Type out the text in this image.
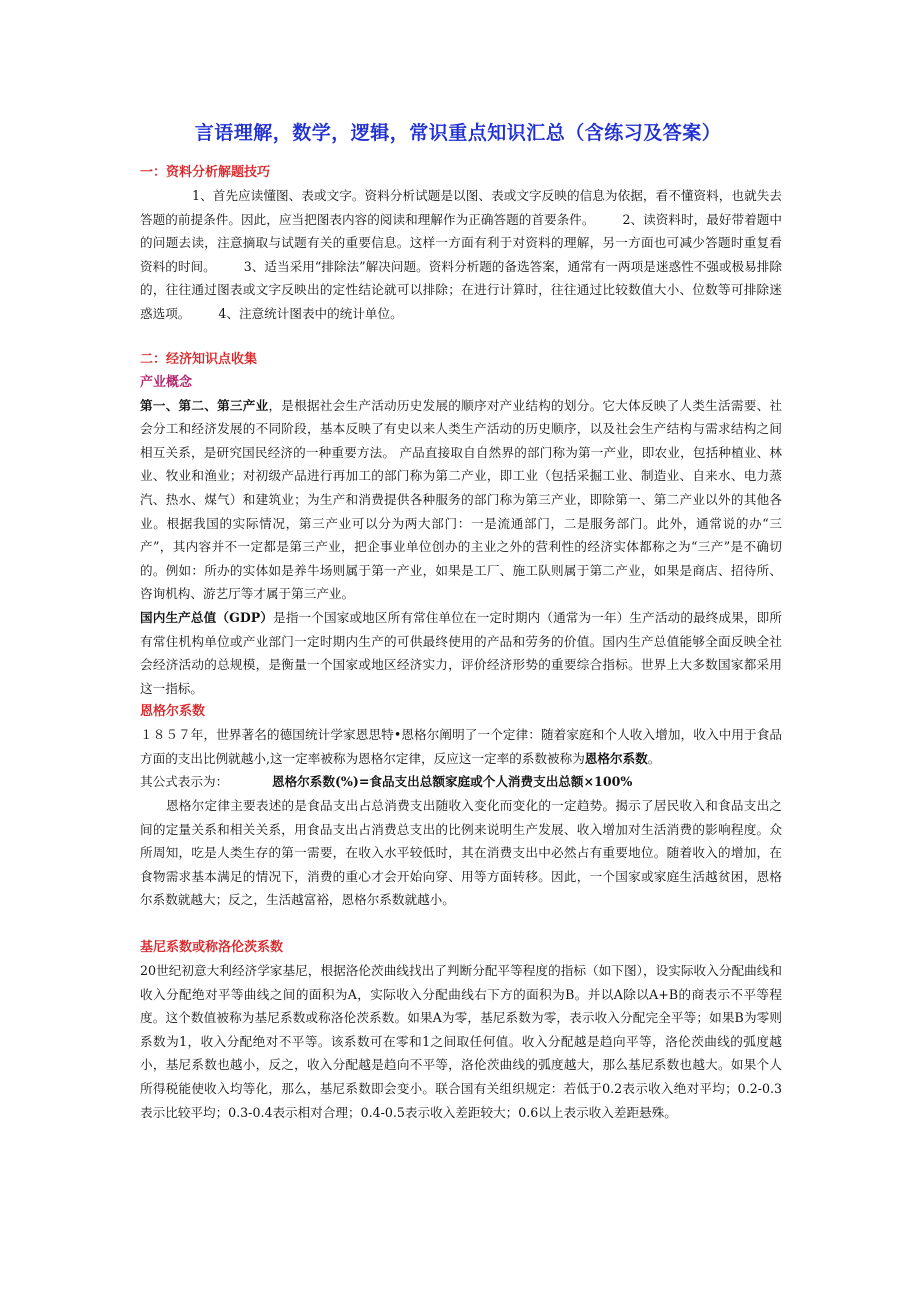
言语理解，数学，逻辑，常识重点知识汇总（含练习及答案）
一：资料分析解题技巧

1、首先应读懂图、表或文字。资料分析试题是以图、表或文字反映的信息为依据，看不懂资料，也就失去答题的前提条件。因此，应当把图表内容的阅读和理解作为正确答题的首要条件。 2、读资料时，最好带着题中的问题去读，注意摘取与试题有关的重要信息。这样一方面有利于对资料的理解，另一方面也可减少答题时重复看资料的时间。 3、适当采用“排除法”解决问题。资料分析题的备选答案，通常有一两项是迷惑性不强或极易排除的，往往通过图表或文字反映出的定性结论就可以排除；在进行计算时，往往通过比较数值大小、位数等可排除迷惑选项。 4、注意统计图表中的统计单位。

二：经济知识点收集
产业概念

第一、第二、第三产业，是根据社会生产活动历史发展的顺序对产业结构的划分。它大体反映了人类生活需要、社会分工和经济发展的不同阶段，基本反映了有史以来人类生产活动的历史顺序，以及社会生产结构与需求结构之间相互关系，是研究国民经济的一种重要方法。 产品直接取自自然界的部门称为第一产业，即农业，包括种植业、林业、牧业和渔业；对初级产品进行再加工的部门称为第二产业，即工业（包括采掘工业、制造业、自来水、电力蒸汽、热水、煤气）和建筑业；为生产和消费提供各种服务的部门称为第三产业，即除第一、第二产业以外的其他各业。根据我国的实际情况，第三产业可以分为两大部门：一是流通部门，二是服务部门。此外，通常说的办“三产”，其内容并不一定都是第三产业，把企事业单位创办的主业之外的营利性的经济实体都称之为“三产”是不确切的。例如：所办的实体如是养牛场则属于第一产业，如果是工厂、施工队则属于第二产业，如果是商店、招待所、咨询机构、游艺厅等才属于第三产业。

国内生产总值（GDP）是指一个国家或地区所有常住单位在一定时期内（通常为一年）生产活动的最终成果，即所有常住机构单位或产业部门一定时期内生产的可供最终使用的产品和劳务的价值。国内生产总值能够全面反映全社会经济活动的总规模，是衡量一个国家或地区经济实力，评价经济形势的重要综合指标。世界上大多数国家都采用这一指标。

恩格尔系数

１８５７年，世界著名的德国统计学家恩思特•恩格尔阐明了一个定律：随着家庭和个人收入增加，收入中用于食品方面的支出比例就越小,这一定率被称为恩格尔定律，反应这一定率的系数被称为恩格尔系数。

其公式表示为：	恩格尔系数(%)=食品支出总额家庭或个人消费支出总额×100%

恩格尔定律主要表述的是食品支出占总消费支出随收入变化而变化的一定趋势。揭示了居民收入和食品支出之间的定量关系和相关关系，用食品支出占消费总支出的比例来说明生产发展、收入增加对生活消费的影响程度。众所周知，吃是人类生存的第一需要，在收入水平较低时，其在消费支出中必然占有重要地位。随着收入的增加，在食物需求基本满足的情况下，消费的重心才会开始向穿、用等方面转移。因此，一个国家或家庭生活越贫困，恩格尔系数就越大；反之，生活越富裕，恩格尔系数就越小。

基尼系数或称洛伦茨系数

20世纪初意大利经济学家基尼，根据洛伦茨曲线找出了判断分配平等程度的指标（如下图），设实际收入分配曲线和收入分配绝对平等曲线之间的面积为A，实际收入分配曲线右下方的面积为B。并以A除以A+B的商表示不平等程度。这个数值被称为基尼系数或称洛伦茨系数。如果A为零，基尼系数为零，表示收入分配完全平等；如果B为零则系数为1，收入分配绝对不平等。该系数可在零和1之间取任何值。收入分配越是趋向平等，洛伦茨曲线的弧度越小，基尼系数也越小，反之，收入分配越是趋向不平等，洛伦茨曲线的弧度越大，那么基尼系数也越大。如果个人所得税能使收入均等化，那么，基尼系数即会变小。联合国有关组织规定：若低于0.2表示收入绝对平均；0.2-0.3表示比较平均；0.3-0.4表示相对合理；0.4-0.5表示收入差距较大；0.6以上表示收入差距悬殊。
